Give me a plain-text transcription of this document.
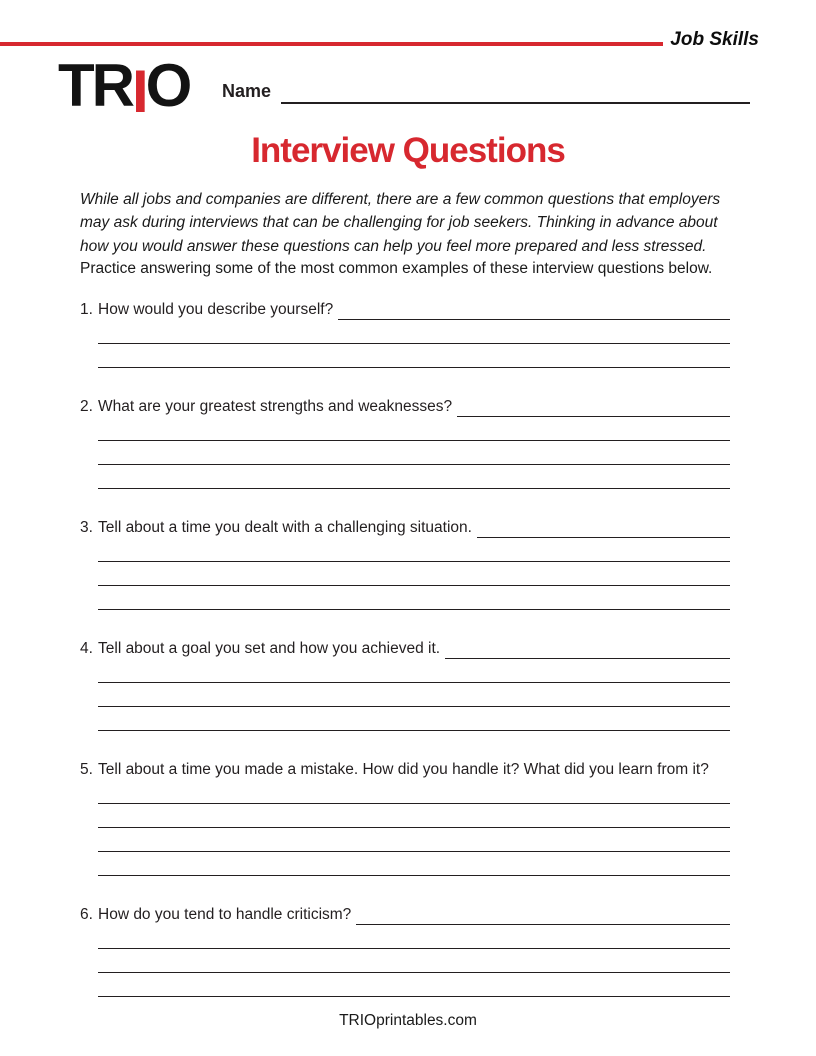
Job Skills
TRIO Name
Interview Questions

While all jobs and companies are different, there are a few common questions that employers may ask during interviews that can be challenging for job seekers. Thinking in advance about how you would answer these questions can help you feel more prepared and less stressed.

Practice answering some of the most common examples of these interview questions below.

1. How would you describe yourself?
2. What are your greatest strengths and weaknesses?
3. Tell about a time you dealt with a challenging situation.
4. Tell about a goal you set and how you achieved it.
5. Tell about a time you made a mistake. How did you handle it? What did you learn from it?
6. How do you tend to handle criticism?
TRIOprintables.com
